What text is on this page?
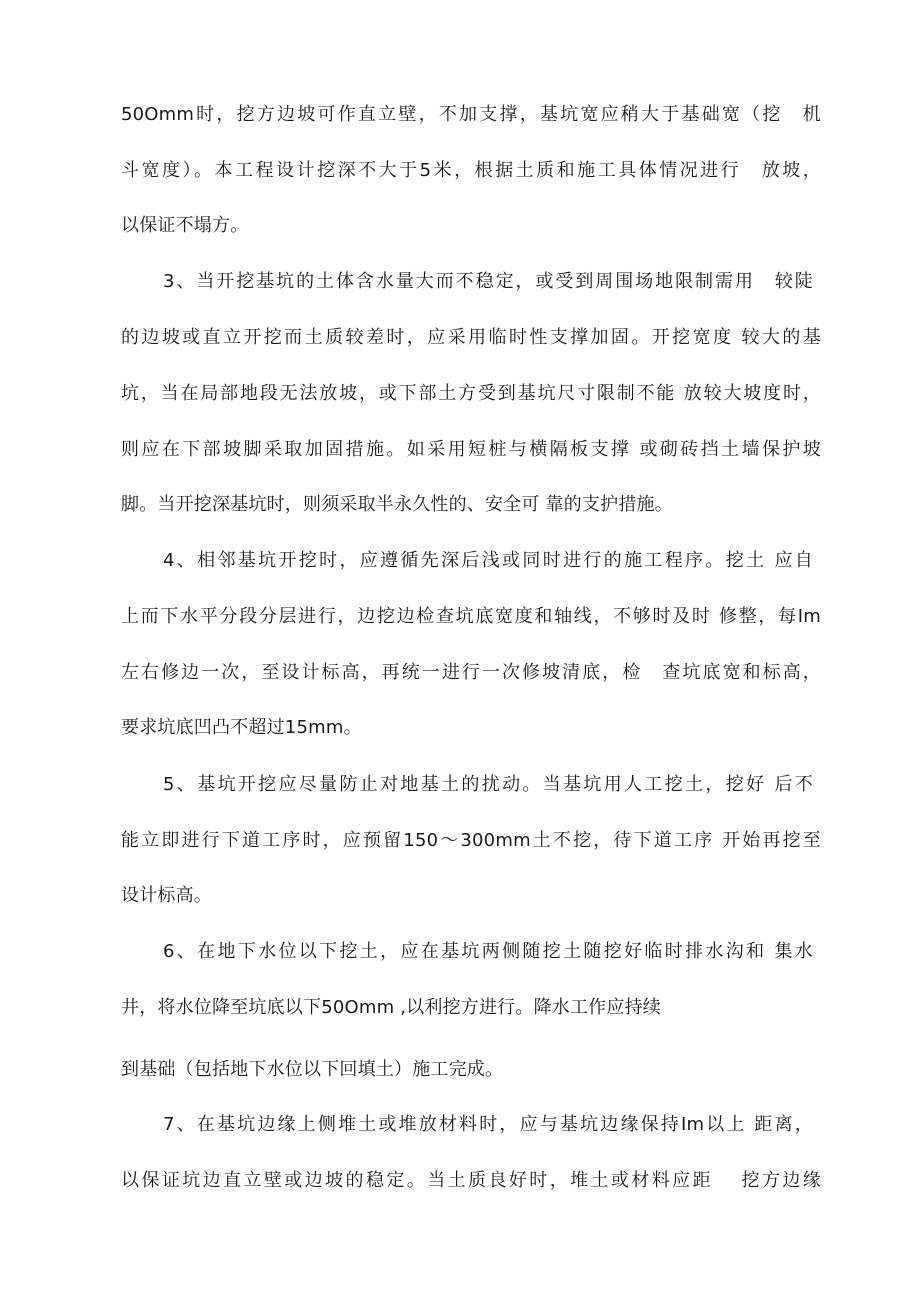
50Omm时，挖方边坡可作直立壁，不加支撑，基坑宽应稍大于基础宽（挖　机
斗宽度）。本工程设计挖深不大于5米，根据土质和施工具体情况进行　放坡，
以保证不塌方。
3、当开挖基坑的土体含水量大而不稳定，或受到周围场地限制需用　较陡
的边坡或直立开挖而土质较差时，应采用临时性支撑加固。开挖宽度 较大的基
坑，当在局部地段无法放坡，或下部土方受到基坑尺寸限制不能 放较大坡度时，
则应在下部坡脚采取加固措施。如采用短桩与横隔板支撑 或砌砖挡土墙保护坡
脚。当开挖深基坑时，则须采取半永久性的、安全可 靠的支护措施。
4、相邻基坑开挖时，应遵循先深后浅或同时进行的施工程序。挖土 应自
上而下水平分段分层进行，边挖边检查坑底宽度和轴线，不够时及时 修整，每Im
左右修边一次，至设计标高，再统一进行一次修坡清底，检　查坑底宽和标高，
要求坑底凹凸不超过15mm。
5、基坑开挖应尽量防止对地基土的扰动。当基坑用人工挖土，挖好 后不
能立即进行下道工序时，应预留150～300mm土不挖，待下道工序 开始再挖至
设计标高。
6、在地下水位以下挖土，应在基坑两侧随挖土随挖好临时排水沟和 集水
井，将水位降至坑底以下50Omm ,以利挖方进行。降水工作应持续
到基础（包括地下水位以下回填土）施工完成。
7、在基坑边缘上侧堆土或堆放材料时，应与基坑边缘保持Im以上 距离，
以保证坑边直立壁或边坡的稳定。当土质良好时，堆土或材料应距　 挖方边缘
